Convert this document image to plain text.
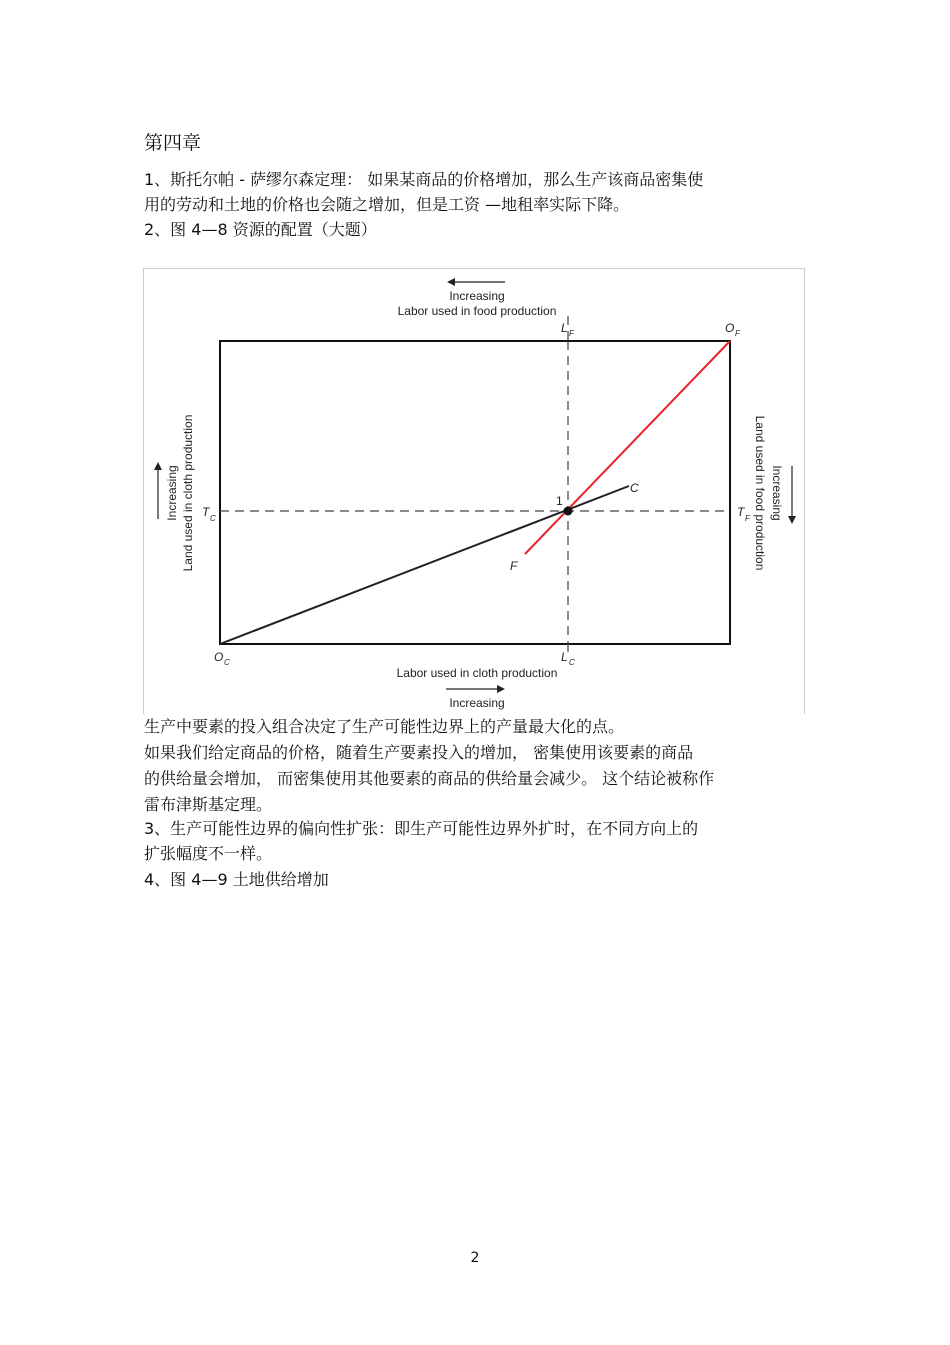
第四章
1、斯托尔帕 - 萨缪尔森定理： 如果某商品的价格增加，那么生产该商品密集使
用的劳动和土地的价格也会随之增加，但是工资 —地租率实际下降。
2、图 4—8 资源的配置（大题）
Increasing
Labor used in food production
1
C
F
L F	O F
T C	T F
O C	L C
Labor used in cloth production
Increasing
Increasing Land used in cloth production	Land used in food production Increasing
生产中要素的投入组合决定了生产可能性边界上的产量最大化的点。
如果我们给定商品的价格，随着生产要素投入的增加， 密集使用该要素的商品
的供给量会增加， 而密集使用其他要素的商品的供给量会减少。 这个结论被称作
雷布津斯基定理。
3、生产可能性边界的偏向性扩张：即生产可能性边界外扩时，在不同方向上的
扩张幅度不一样。
4、图 4—9 土地供给增加
2
